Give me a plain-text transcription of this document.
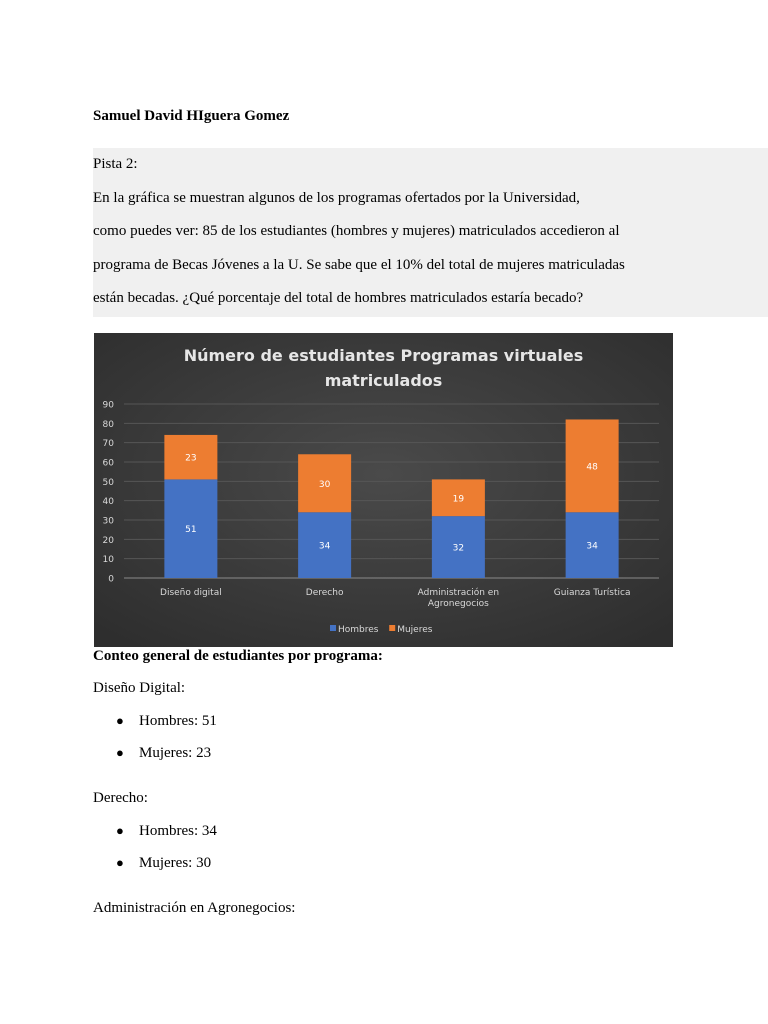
Samuel David HIguera Gomez

Pista 2:

En la gráfica se muestran algunos de los programas ofertados por la Universidad,

como puedes ver: 85 de los estudiantes (hombres y mujeres) matriculados accedieron al

programa de Becas Jóvenes a la U. Se sabe que el 10% del total de mujeres matriculadas

están becadas. ¿Qué porcentaje del total de hombres matriculados estaría becado?

Número de estudiantes Programas virtuales
matriculados
0
10
20
30
40
50
60
70
80
90
51
23
Diseño digital
34
30
Derecho
32
19
Administración en
Agronegocios
34
48
Guianza Turística
Hombres Mujeres

Conteo general de estudiantes por programa:

Diseño Digital:

● Hombres: 51
● Mujeres: 23

Derecho:

● Hombres: 34
● Mujeres: 30

Administración en Agronegocios:
